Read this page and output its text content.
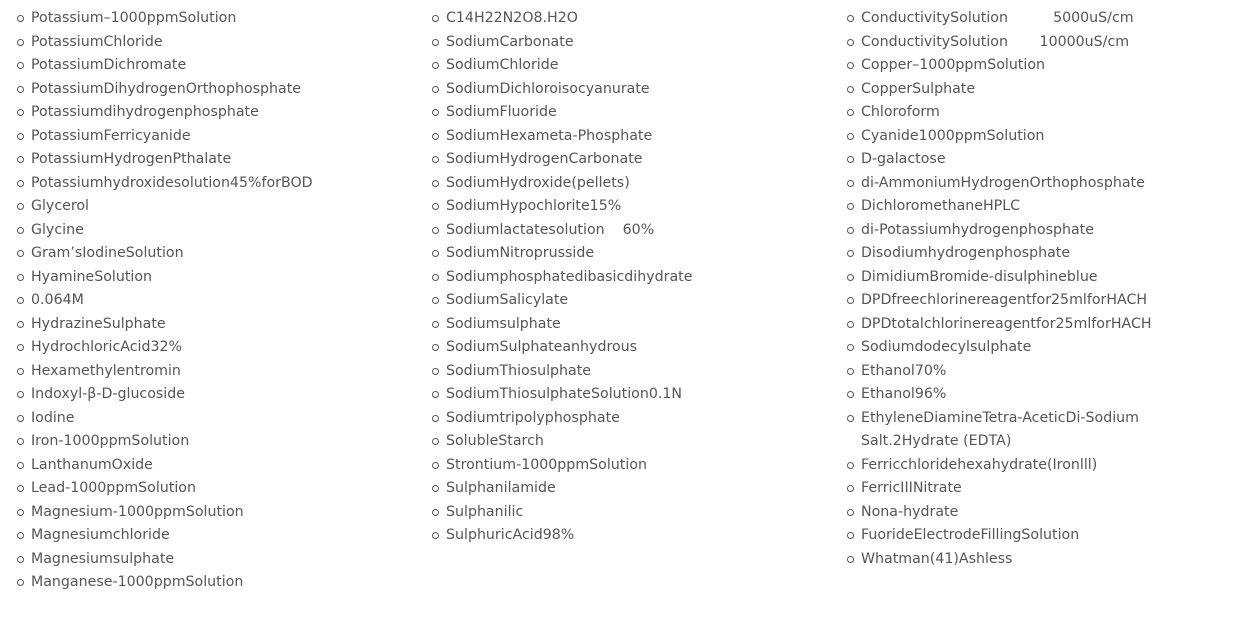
Potassium–1000ppmSolution
PotassiumChloride
PotassiumDichromate
PotassiumDihydrogenOrthophosphate
Potassiumdihydrogenphosphate
PotassiumFerricyanide
PotassiumHydrogenPthalate
Potassiumhydroxidesolution45%forBOD
Glycerol
Glycine
Gram’sIodineSolution
HyamineSolution
0.064M
HydrazineSulphate
HydrochloricAcid32%
Hexamethylentromin
Indoxyl-β-D-glucoside
Iodine
Iron-1000ppmSolution
LanthanumOxide
Lead-1000ppmSolution
Magnesium-1000ppmSolution
Magnesiumchloride
Magnesiumsulphate
Manganese-1000ppmSolution
C14H22N2O8.H2O
SodiumCarbonate
SodiumChloride
SodiumDichloroisocyanurate
SodiumFluoride
SodiumHexameta-Phosphate
SodiumHydrogenCarbonate
SodiumHydroxide(pellets)
SodiumHypochlorite15%
Sodiumlactatesolution    60%
SodiumNitroprusside
Sodiumphosphatedibasicdihydrate
SodiumSalicylate
Sodiumsulphate
SodiumSulphateanhydrous
SodiumThiosulphate
SodiumThiosulphateSolution0.1N
Sodiumtripolyphosphate
SolubleStarch
Strontium-1000ppmSolution
Sulphanilamide
Sulphanilic
SulphuricAcid98%
ConductivitySolution          5000uS/cm
ConductivitySolution       10000uS/cm
Copper–1000ppmSolution
CopperSulphate
Chloroform
Cyanide1000ppmSolution
D-galactose
di-AmmoniumHydrogenOrthophosphate
DichloromethaneHPLC
di-Potassiumhydrogenphosphate
Disodiumhydrogenphosphate
DimidiumBromide-disulphineblue
DPDfreechlorinereagentfor25mlforHACH
DPDtotalchlorinereagentfor25mlforHACH
Sodiumdodecylsulphate
Ethanol70%
Ethanol96%
EthyleneDiamineTetra-AceticDi-Sodium
Salt.2Hydrate (EDTA)
Ferricchloridehexahydrate(Ironlll)
FerricIIINitrate
Nona-hydrate
FuorideElectrodeFillingSolution
Whatman(41)Ashless
